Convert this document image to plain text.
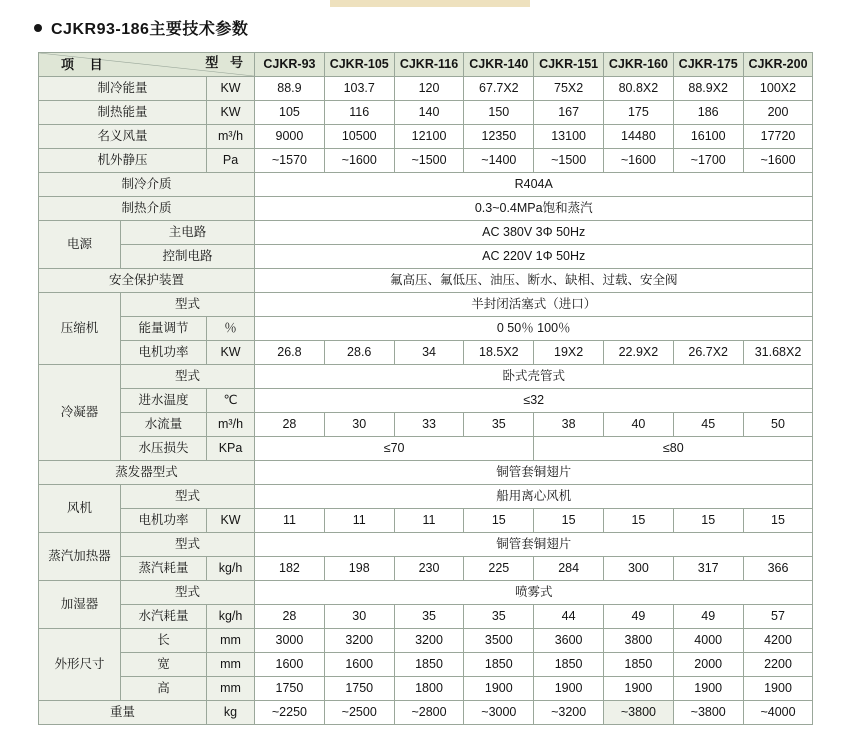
CJKR93-186主要技术参数
型 号
项 目			CJKR-93	CJKR-105	CJKR-116	CJKR-140	CJKR-151	CJKR-160	CJKR-175	CJKR-200
制冷能量		KW	88.9	103.7	120	67.7X2	75X2	80.8X2	88.9X2	100X2
制热能量		KW	105	116	140	150	167	175	186	200
名义风量		m³/h	9000	10500	12100	12350	13100	14480	16100	17720
机外静压		Pa	~1570	~1600	~1500	~1400	~1500	~1600	~1700	~1600
制冷介质			R404A							
制热介质			0.3~0.4MPa饱和蒸汽							
电源	主电路		AC 380V 3Φ 50Hz							
	控制电路		AC 220V 1Φ 50Hz							
安全保护装置			氟高压、氟低压、油压、断水、缺相、过载、安全阀							
压缩机	型式		半封闭活塞式（进口）							
	能量调节	％	0 50％ 100％							
	电机功率	KW	26.8	28.6	34	18.5X2	19X2	22.9X2	26.7X2	31.68X2
冷凝器	型式		卧式壳管式							
	进水温度	℃	≤32							
	水流量	m³/h	28	30	33	35	38	40	45	50
	水压损失	KPa	≤70				≤80			
蒸发器型式			铜管套铜翅片							
风机	型式		船用离心风机							
	电机功率	KW	11	11	11	15	15	15	15	15
蒸汽加热器	型式		铜管套铜翅片							
	蒸汽耗量	kg/h	182	198	230	225	284	300	317	366
加湿器	型式		喷雾式							
	水汽耗量	kg/h	28	30	35	35	44	49	49	57
外形尺寸	长	mm	3000	3200	3200	3500	3600	3800	4000	4200
	宽	mm	1600	1600	1850	1850	1850	1850	2000	2200
	高	mm	1750	1750	1800	1900	1900	1900	1900	1900
重量		kg	~2250	~2500	~2800	~3000	~3200	~3800	~3800	~4000
